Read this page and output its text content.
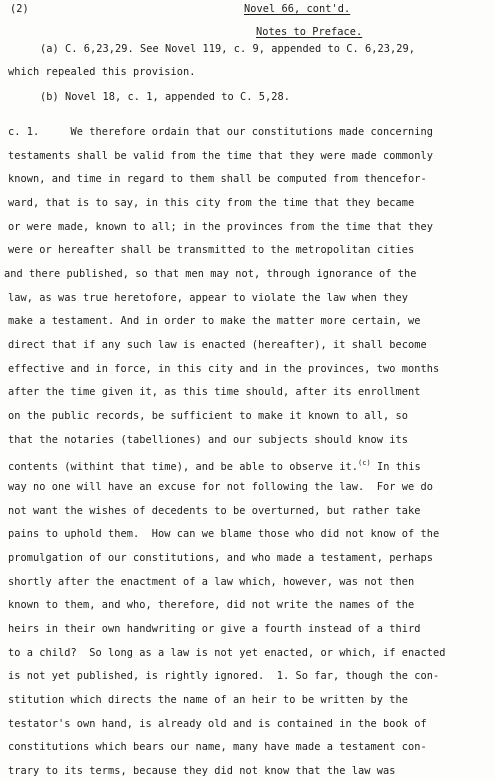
(2)	Novel 66, cont'd.
Notes to Preface.
(a) C. 6,23,29. See Novel 119, c. 9, appended to C. 6,23,29,
which repealed this provision.
(b) Novel 18, c. 1, appended to C. 5,28.
c. 1.     We therefore ordain that our constitutions made concerning
testaments shall be valid from the time that they were made commonly
known, and time in regard to them shall be computed from thencefor-
ward, that is to say, in this city from the time that they became
or were made, known to all; in the provinces from the time that they
were or hereafter shall be transmitted to the metropolitan cities
and there published, so that men may not, through ignorance of the
law, as was true heretofore, appear to violate the law when they
make a testament. And in order to make the matter more certain, we
direct that if any such law is enacted (hereafter), it shall become
effective and in force, in this city and in the provinces, two months
after the time given it, as this time should, after its enrollment
on the public records, be sufficient to make it known to all, so
that the notaries (tabelliones) and our subjects should know its
contents (withint that time), and be able to observe it.$^{(c)}$ In this
way no one will have an excuse for not following the law.  For we do
not want the wishes of decedents to be overturned, but rather take
pains to uphold them.  How can we blame those who did not know of the
promulgation of our constitutions, and who made a testament, perhaps
shortly after the enactment of a law which, however, was not then
known to them, and who, therefore, did not write the names of the
heirs in their own handwriting or give a fourth instead of a third
to a child?  So long as a law is not yet enacted, or which, if enacted
is not yet published, is rightly ignored.  1. So far, though the con-
stitution which directs the name of an heir to be written by the
testator's own hand, is already old and is contained in the book of
constitutions which bears our name, many have made a testament con-
trary to its terms, because they did not know that the law was
